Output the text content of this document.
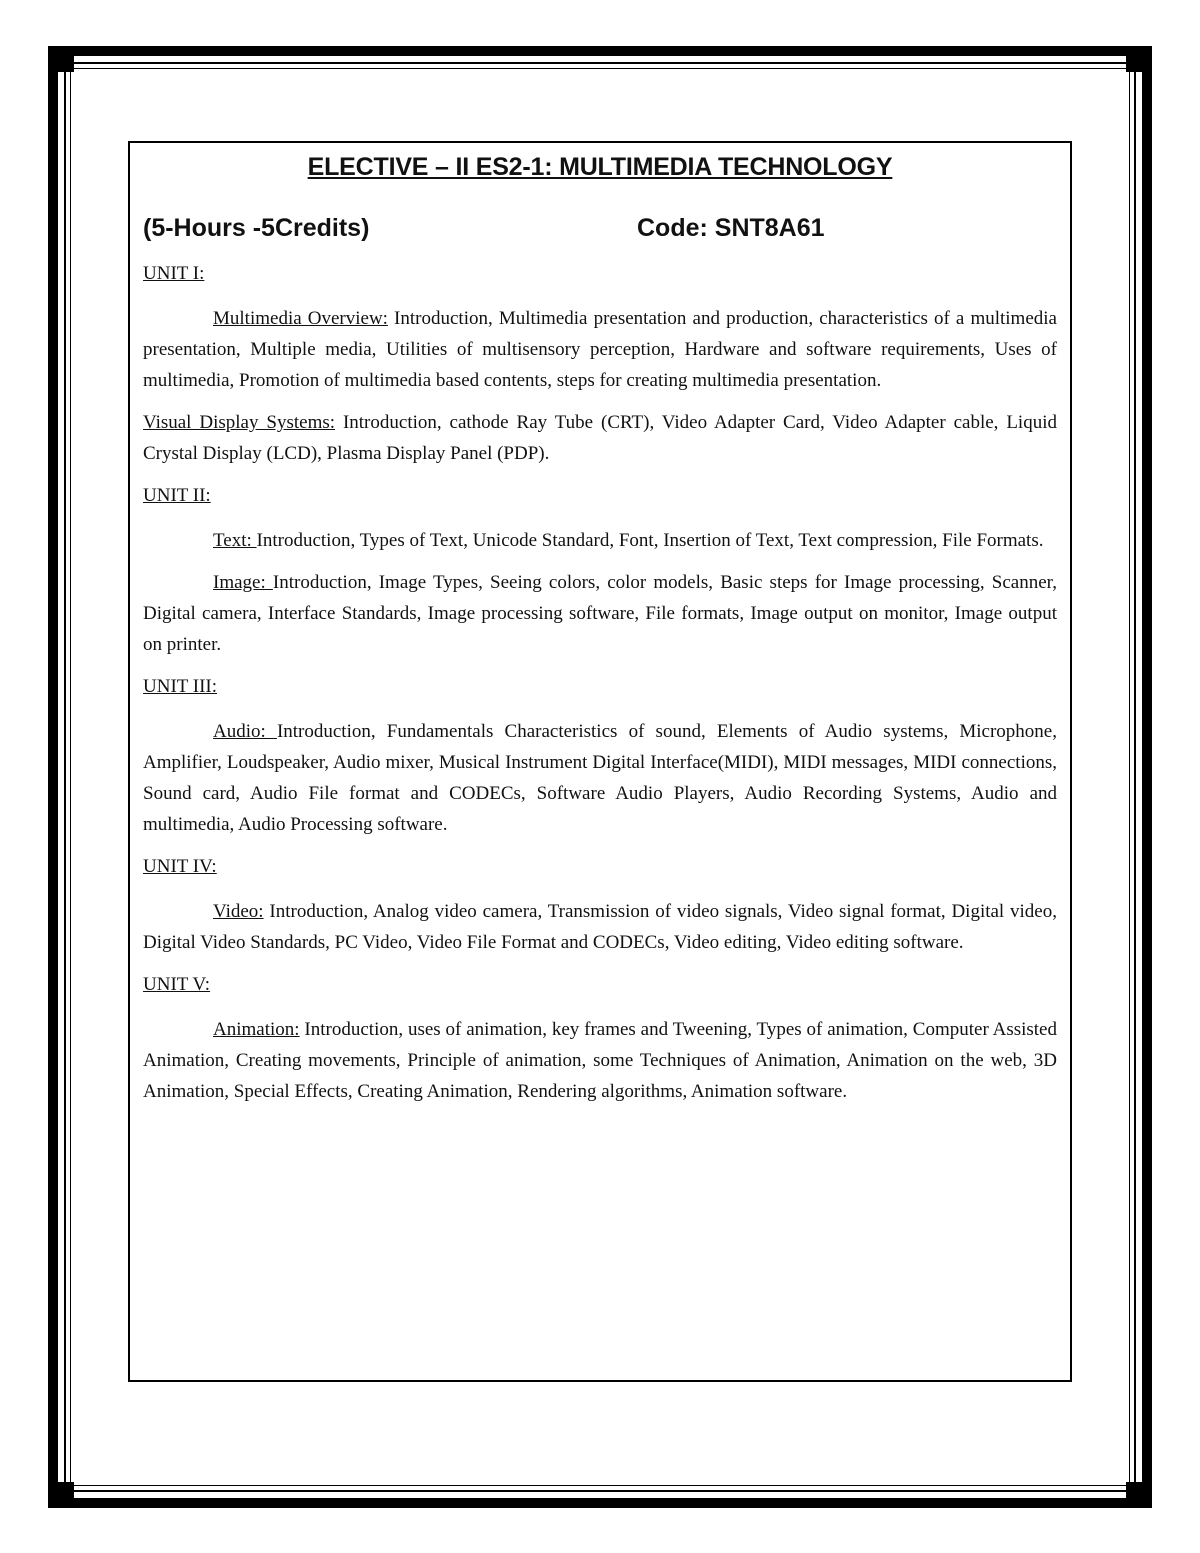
ELECTIVE – II ES2-1: MULTIMEDIA TECHNOLOGY
(5-Hours -5Credits)	Code: SNT8A61

UNIT I:

Multimedia Overview: Introduction, Multimedia presentation and production, characteristics of a multimedia presentation, Multiple media, Utilities of multisensory perception, Hardware and software requirements, Uses of multimedia, Promotion of multimedia based contents, steps for creating multimedia presentation.

Visual Display Systems: Introduction, cathode Ray Tube (CRT), Video Adapter Card, Video Adapter cable, Liquid Crystal Display (LCD), Plasma Display Panel (PDP).

UNIT II:

Text: Introduction, Types of Text, Unicode Standard, Font, Insertion of Text, Text compression, File Formats.

Image: Introduction, Image Types, Seeing colors, color models, Basic steps for Image processing, Scanner, Digital camera, Interface Standards, Image processing software, File formats, Image output on monitor, Image output on printer.

UNIT III:

Audio: Introduction, Fundamentals Characteristics of sound, Elements of Audio systems, Microphone, Amplifier, Loudspeaker, Audio mixer, Musical Instrument Digital Interface(MIDI), MIDI messages, MIDI connections, Sound card, Audio File format and CODECs, Software Audio Players, Audio Recording Systems, Audio and multimedia, Audio Processing software.

UNIT IV:

Video: Introduction, Analog video camera, Transmission of video signals, Video signal format, Digital video, Digital Video Standards, PC Video, Video File Format and CODECs, Video editing, Video editing software.

UNIT V:

Animation: Introduction, uses of animation, key frames and Tweening, Types of animation, Computer Assisted Animation, Creating movements, Principle of animation, some Techniques of Animation, Animation on the web, 3D Animation, Special Effects, Creating Animation, Rendering algorithms, Animation software.
